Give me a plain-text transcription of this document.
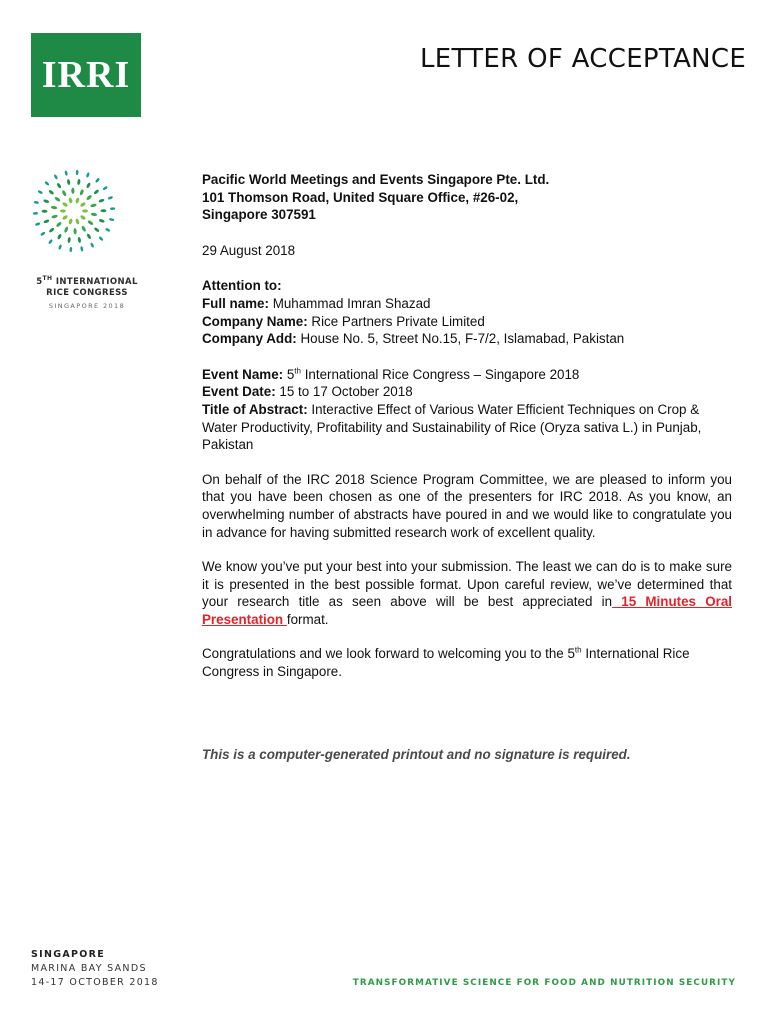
IRRI	LETTER OF ACCEPTANCE
5TH INTERNATIONAL
RICE CONGRESS
SINGAPORE 2018

Pacific World Meetings and Events Singapore Pte. Ltd.

101 Thomson Road, United Square Office, #26-02,

Singapore 307591

29 August 2018

Attention to:

Full name: Muhammad Imran Shazad

Company Name: Rice Partners Private Limited

Company Add: House No. 5, Street No.15, F-7/2, Islamabad, Pakistan

Event Name: 5th International Rice Congress – Singapore 2018

Event Date: 15 to 17 October 2018

Title of Abstract: Interactive Effect of Various Water Efficient Techniques on Crop & Water Productivity, Profitability and Sustainability of Rice (Oryza sativa L.) in Punjab, Pakistan

On behalf of the IRC 2018 Science Program Committee, we are pleased to inform you that you have been chosen as one of the presenters for IRC 2018. As you know, an overwhelming number of abstracts have poured in and we would like to congratulate you in advance for having submitted research work of excellent quality.

We know you’ve put your best into your submission. The least we can do is to make sure it is presented in the best possible format. Upon careful review, we’ve determined that your research title as seen above will be best appreciated in 15 Minutes Oral Presentation format.

Congratulations and we look forward to welcoming you to the 5th International Rice Congress in Singapore.

This is a computer-generated printout and no signature is required.
SINGAPORE
MARINA BAY SANDS
14-17 OCTOBER 2018	TRANSFORMATIVE SCIENCE FOR FOOD AND NUTRITION SECURITY
